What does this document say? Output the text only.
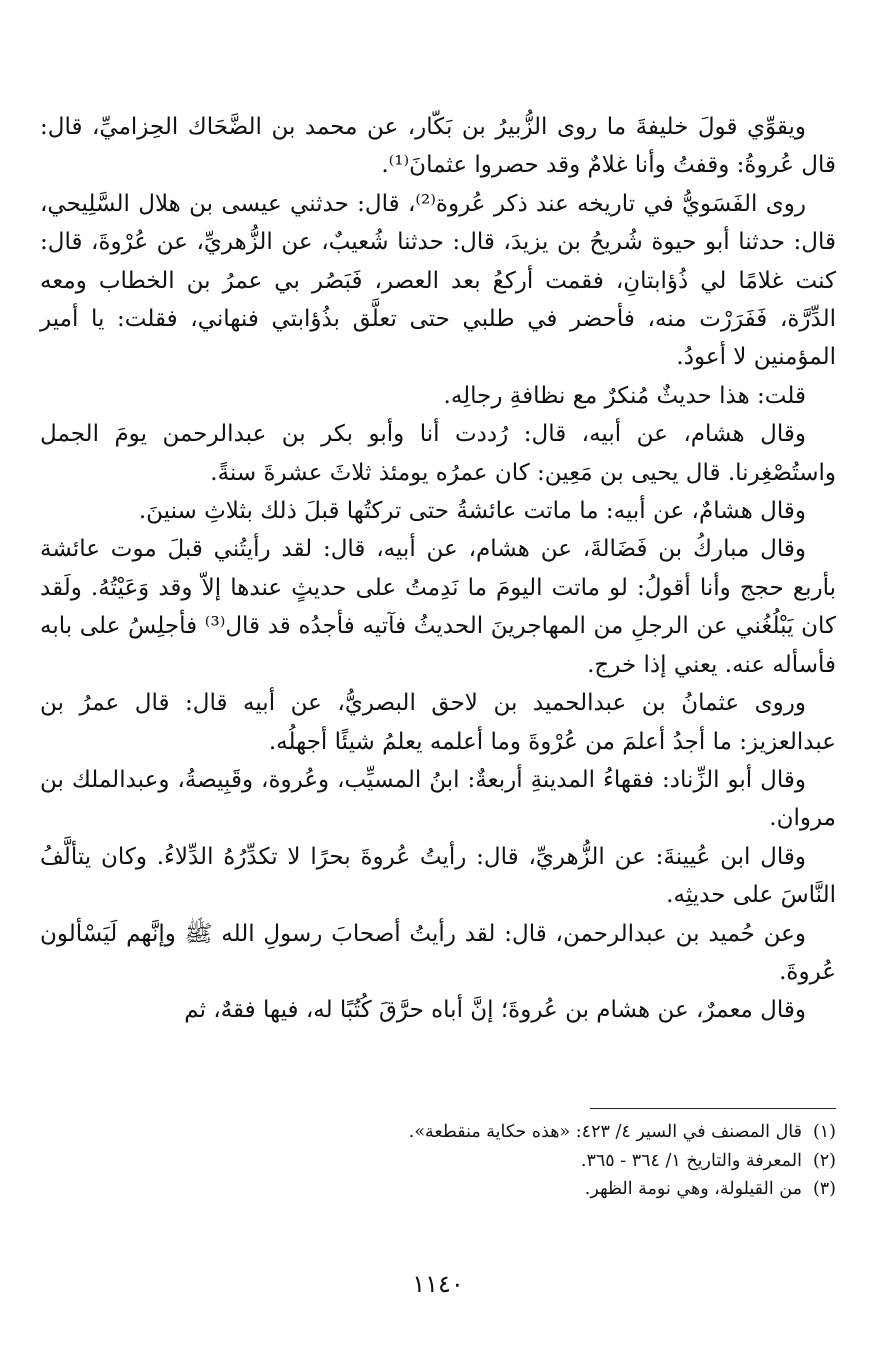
ويقوِّي قولَ خليفةَ ما روى الزُّبيرُ بن بَكّار، عن محمد بن الضَّحَاك الحِزاميِّ، قال: قال عُروةُ: وقفتُ وأنا غلامٌ وقد حصروا عثمانَ⁽¹⁾.

روى الفَسَويُّ في تاريخه عند ذكر عُروة⁽²⁾، قال: حدثني عيسى بن هلال السَّلِيحي، قال: حدثنا أبو حيوة شُريحُ بن يزيدَ، قال: حدثنا شُعيبٌ، عن الزُّهريِّ، عن عُرْوةَ، قال: كنت غلامًا لي ذُؤابتانِ، فقمت أركعُ بعد العصر، فَبَصُر بي عمرُ بن الخطاب ومعه الدِّرَّة، فَفَرَرْت منه، فأحضر في طلبي حتى تعلَّق بذُؤابتي فنهاني، فقلت: يا أمير المؤمنين لا أعودُ.

قلت: هذا حديثٌ مُنكرٌ مع نظافةِ رجالِه.

وقال هشام، عن أبيه، قال: رُددت أنا وأبو بكر بن عبدالرحمن يومَ الجمل واستُصْغِرنا. قال يحيى بن مَعِين: كان عمرُه يومئذ ثلاثَ عشرةَ سنةً.

وقال هشامٌ، عن أبيه: ما ماتت عائشةُ حتى تركتُها قبلَ ذلك بثلاثِ سنينَ.

وقال مباركُ بن فَضَالةَ، عن هشام، عن أبيه، قال: لقد رأيتُني قبلَ موت عائشة بأربع حجج وأنا أقولُ: لو ماتت اليومَ ما نَدِمتُ على حديثٍ عندها إلاّ وقد وَعَيْتُهُ. ولَقد كان يَبْلُغُني عن الرجلِ من المهاجرينَ الحديثُ فآتيه فأجدُه قد قال⁽³⁾ فأجلِسُ على بابه فأسأله عنه. يعني إذا خرج.

وروى عثمانُ بن عبدالحميد بن لاحق البصريُّ، عن أبيه قال: قال عمرُ بن عبدالعزيز: ما أجدُ أعلمَ من عُرْوةَ وما أعلمه يعلمُ شيئًا أجهلُه.

وقال أبو الزِّناد: فقهاءُ المدينةِ أربعةٌ: ابنُ المسيِّب، وعُروة، وقَبِيصةُ، وعبدالملك بن مروان.

وقال ابن عُيينةَ: عن الزُّهريِّ، قال: رأيتُ عُروةَ بحرًا لا تكدِّرُهُ الدِّلاءُ. وكان يتألَّفُ النَّاسَ على حديثِه.

وعن حُميد بن عبدالرحمن، قال: لقد رأيتُ أصحابَ رسولِ الله ﷺ وإنَّهم لَيَسْألون عُروةَ.

وقال معمرٌ، عن هشام بن عُروةَ؛ إنَّ أباه حرَّقَ كُتُبًا له، فيها فقهٌ، ثم

(١)
قال المصنف في السير ٤/ ٤٢٣: «هذه حكاية منقطعة».
(٢)
المعرفة والتاريخ ١/ ٣٦٤ - ٣٦٥.
(٣)
من القيلولة، وهي نومة الظهر.
١١٤٠
